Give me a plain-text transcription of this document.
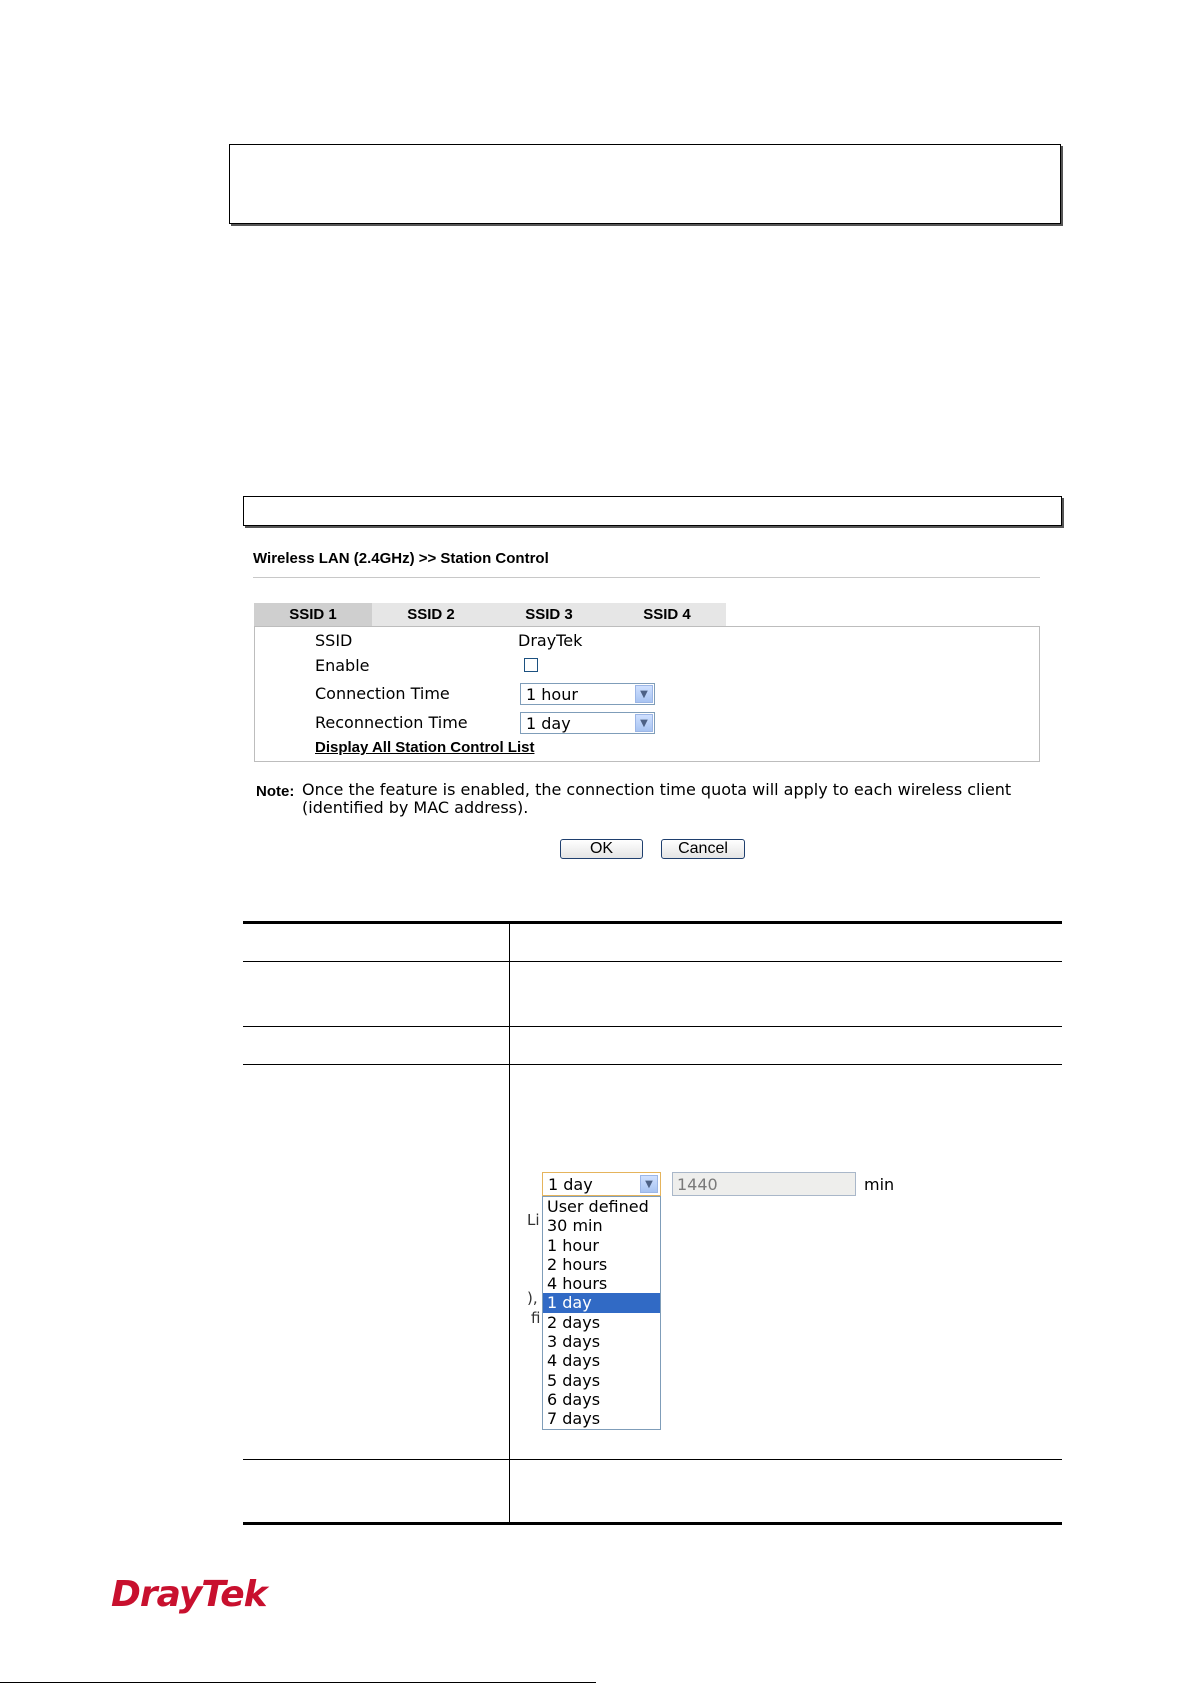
Wireless LAN (2.4GHz) >> Station Control
SSID 1	SSID 2	SSID 3	SSID 4
SSID	DrayTek
Enable
Connection Time	1 hour	▼
Reconnection Time	1 day	▼
Display All Station Control List
Note: Once the feature is enabled, the connection time quota will apply to each wireless client (identified by MAC address).
OK	Cancel
Li
),
fi
1 day	▼	1440	min
User defined
30 min
1 hour
2 hours
4 hours
1 day
2 days
3 days
4 days
5 days
6 days
7 days
DrayTek
